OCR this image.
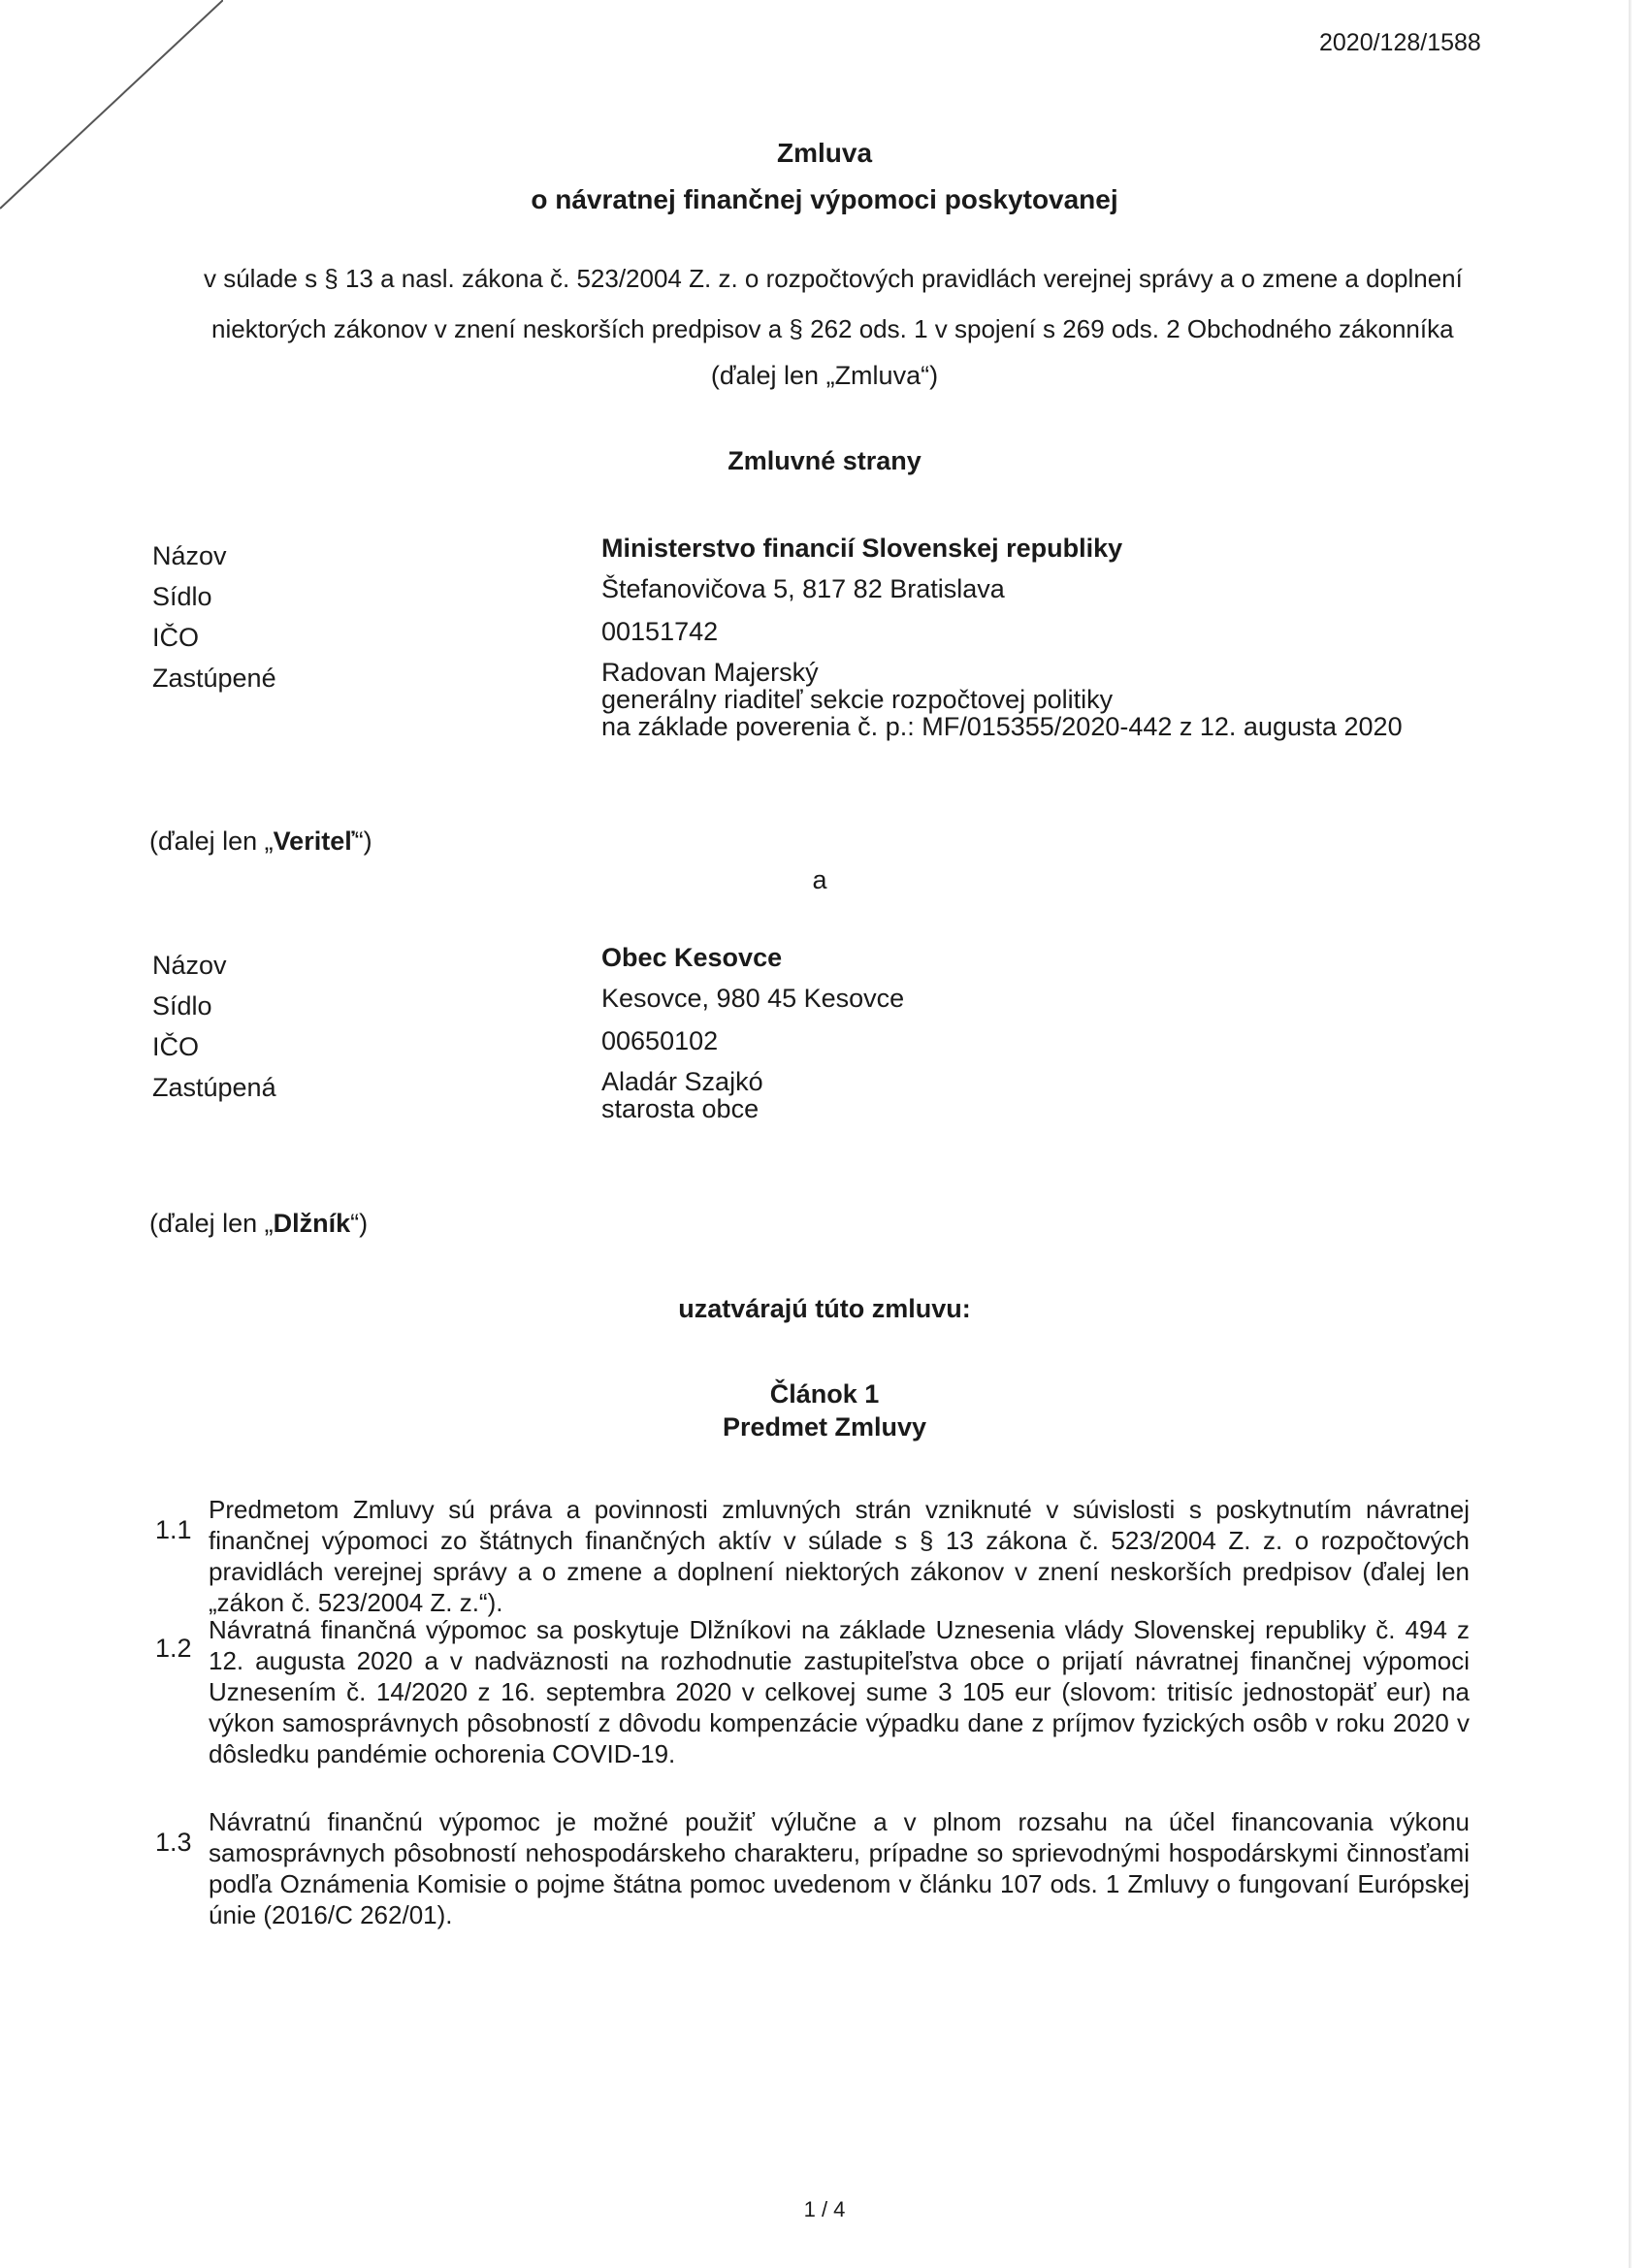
2020/128/1588
Zmluva
o návratnej finančnej výpomoci poskytovanej
v súlade s § 13 a nasl. zákona č. 523/2004 Z. z. o rozpočtových pravidlách verejnej správy a o zmene a doplnení
niektorých zákonov v znení neskorších predpisov a § 262 ods. 1 v spojení s 269 ods. 2 Obchodného zákonníka
(ďalej len „Zmluva“)
Zmluvné strany
Názov
Sídlo
IČO
Zastúpené
Ministerstvo financií Slovenskej republiky
Štefanovičova 5, 817 82 Bratislava
00151742
Radovan Majerský
generálny riaditeľ sekcie rozpočtovej politiky
na základe poverenia č. p.: MF/015355/2020-442 z 12. augusta 2020
(ďalej len „Veriteľ“)
a
Názov
Sídlo
IČO
Zastúpená
Obec Kesovce
Kesovce, 980 45 Kesovce
00650102
Aladár Szajkó
starosta obce
(ďalej len „Dlžník“)
uzatvárajú túto zmluvu:
Článok 1
Predmet Zmluvy
1.1
Predmetom Zmluvy sú práva a povinnosti zmluvných strán vzniknuté v súvislosti s poskytnutím návratnej finančnej výpomoci zo štátnych finančných aktív v súlade s § 13 zákona č. 523/2004 Z. z. o rozpočtových pravidlách verejnej správy a o zmene a doplnení niektorých zákonov v znení neskorších predpisov (ďalej len „zákon č. 523/2004 Z. z.“).
1.2
Návratná finančná výpomoc sa poskytuje Dlžníkovi na základe Uznesenia vlády Slovenskej republiky č. 494 z 12. augusta 2020 a v nadväznosti na rozhodnutie zastupiteľstva obce o prijatí návratnej finančnej výpomoci Uznesením č. 14/2020 z 16. septembra 2020 v celkovej sume 3 105 eur (slovom: tritisíc jednostopäť eur) na výkon samosprávnych pôsobností z dôvodu kompenzácie výpadku dane z príjmov fyzických osôb v roku 2020 v dôsledku pandémie ochorenia COVID-19.
1.3
Návratnú finančnú výpomoc je možné použiť výlučne a v plnom rozsahu na účel financovania výkonu samosprávnych pôsobností nehospodárskeho charakteru, prípadne so sprievodnými hospodárskymi činnosťami podľa Oznámenia Komisie o pojme štátna pomoc uvedenom v článku 107 ods. 1 Zmluvy o fungovaní Európskej únie (2016/C 262/01).
1 / 4
